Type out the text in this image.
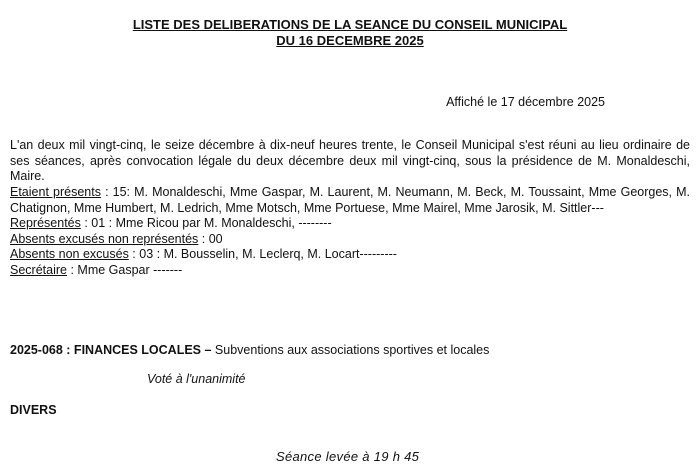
LISTE DES DELIBERATIONS DE LA SEANCE DU CONSEIL MUNICIPAL
DU 16 DECEMBRE 2025

Affiché le 17 décembre 2025

L'an deux mil vingt-cinq, le seize décembre à dix-neuf heures trente, le Conseil Municipal s'est réuni au lieu ordinaire de ses séances, après convocation légale du deux décembre deux mil vingt-cinq, sous la présidence de M. Monaldeschi, Maire.

Etaient présents : 15: M. Monaldeschi, Mme Gaspar, M. Laurent, M. Neumann, M. Beck, M. Toussaint, Mme Georges, M. Chatignon, Mme Humbert, M. Ledrich, Mme Motsch, Mme Portuese, Mme Mairel, Mme Jarosik, M. Sittler---

Représentés : 01 : Mme Ricou par M. Monaldeschi, --------

Absents excusés non représentés : 00

Absents non excusés : 03 : M. Bousselin, M. Leclerq, M. Locart---------

Secrétaire : Mme Gaspar -------

2025-068 : FINANCES LOCALES – Subventions aux associations sportives et locales

Voté à l'unanimité

DIVERS

Séance levée à 19 h 45
